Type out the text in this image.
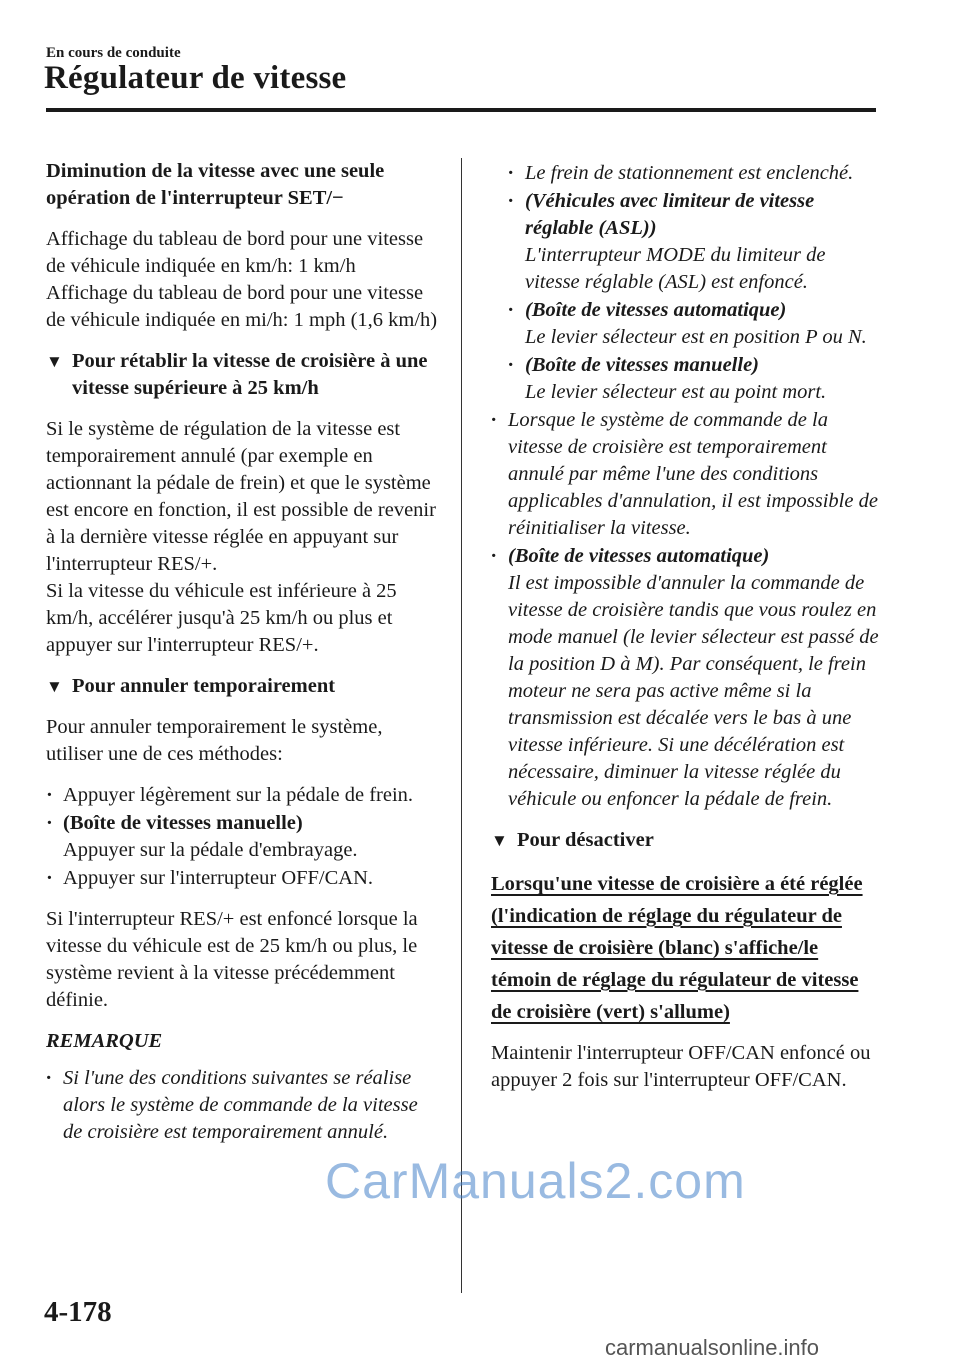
En cours de conduite
Régulateur de vitesse

Diminution de la vitesse avec une seule opération de l'interrupteur SET/−

Affichage du tableau de bord pour une vitesse de véhicule indiquée en km/h: 1 km/h

Affichage du tableau de bord pour une vitesse de véhicule indiquée en mi/h: 1 mph (1,6 km/h)

▼ Pour rétablir la vitesse de croisière à une vitesse supérieure à 25 km/h

Si le système de régulation de la vitesse est temporairement annulé (par exemple en actionnant la pédale de frein) et que le système est encore en fonction, il est possible de revenir à la dernière vitesse réglée en appuyant sur l'interrupteur RES/+.

Si la vitesse du véhicule est inférieure à 25 km/h, accélérer jusqu'à 25 km/h ou plus et appuyer sur l'interrupteur RES/+.

▼ Pour annuler temporairement

Pour annuler temporairement le système, utiliser une de ces méthodes:

·
Appuyer légèrement sur la pédale de frein.
·
(Boîte de vitesses manuelle)
Appuyer sur la pédale d'embrayage.
·
Appuyer sur l'interrupteur OFF/CAN.

Si l'interrupteur RES/+ est enfoncé lorsque la vitesse du véhicule est de 25 km/h ou plus, le système revient à la vitesse précédemment définie.

REMARQUE

·
Si l'une des conditions suivantes se réalise alors le système de commande de la vitesse de croisière est temporairement annulé.
·
Le frein de stationnement est enclenché.
·
(Véhicules avec limiteur de vitesse réglable (ASL))
L'interrupteur MODE du limiteur de vitesse réglable (ASL) est enfoncé.
·
(Boîte de vitesses automatique)
Le levier sélecteur est en position P ou N.
·
(Boîte de vitesses manuelle)
Le levier sélecteur est au point mort.
·
Lorsque le système de commande de la vitesse de croisière est temporairement annulé par même l'une des conditions applicables d'annulation, il est impossible de réinitialiser la vitesse.
·
(Boîte de vitesses automatique)
Il est impossible d'annuler la commande de vitesse de croisière tandis que vous roulez en mode manuel (le levier sélecteur est passé de la position D à M). Par conséquent, le frein moteur ne sera pas active même si la transmission est décalée vers le bas à une vitesse inférieure. Si une décélération est nécessaire, diminuer la vitesse réglée du véhicule ou enfoncer la pédale de frein.

▼ Pour désactiver

Lorsqu'une vitesse de croisière a été réglée (l'indication de réglage du régulateur de vitesse de croisière (blanc) s'affiche/le témoin de réglage du régulateur de vitesse de croisière (vert) s'allume)

Maintenir l'interrupteur OFF/CAN enfoncé ou appuyer 2 fois sur l'interrupteur OFF/CAN.

4-178
CarManuals2.com
carmanualsonline.info
